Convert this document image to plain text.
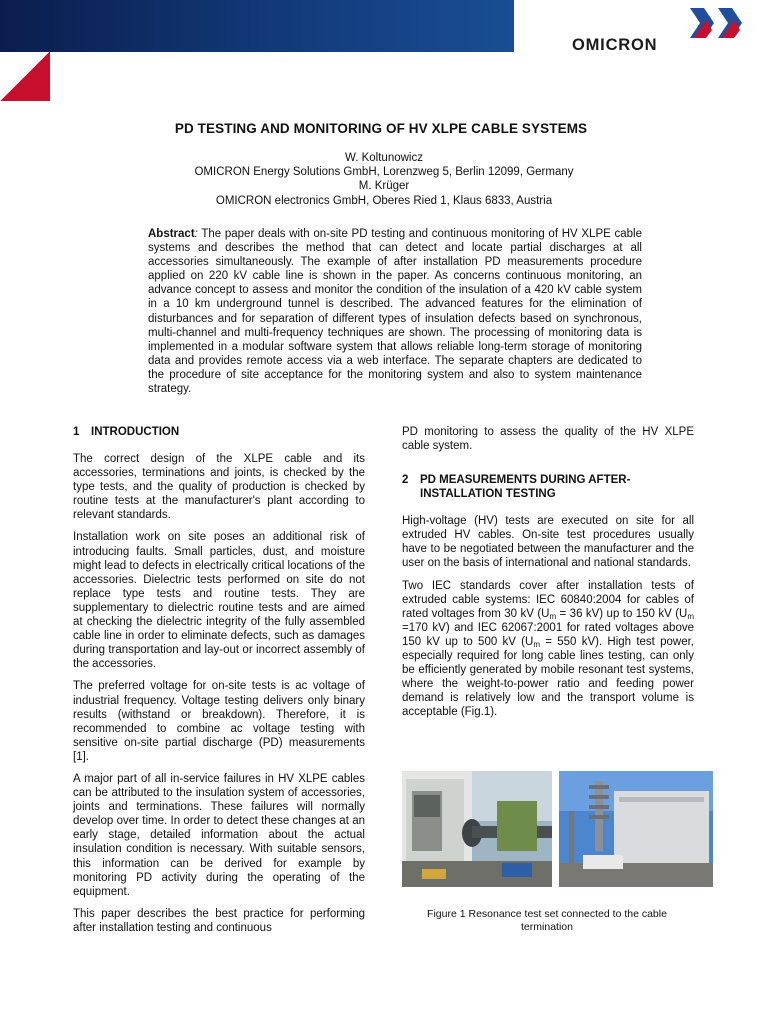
OMICRON
PD TESTING AND MONITORING OF HV XLPE CABLE SYSTEMS
W. Koltunowicz
OMICRON Energy Solutions GmbH, Lorenzweg 5, Berlin 12099, Germany
M. Krüger
OMICRON electronics GmbH, Oberes Ried 1, Klaus 6833, Austria
Abstract: The paper deals with on-site PD testing and continuous monitoring of HV XLPE cable systems and describes the method that can detect and locate partial discharges at all accessories simultaneously. The example of after installation PD measurements procedure applied on 220 kV cable line is shown in the paper. As concerns continuous monitoring, an advance concept to assess and monitor the condition of the insulation of a 420 kV cable system in a 10 km underground tunnel is described. The advanced features for the elimination of disturbances and for separation of different types of insulation defects based on synchronous, multi-channel and multi-frequency techniques are shown. The processing of monitoring data is implemented in a modular software system that allows reliable long-term storage of monitoring data and provides remote access via a web interface. The separate chapters are dedicated to the procedure of site acceptance for the monitoring system and also to system maintenance strategy.
1	INTRODUCTION

The correct design of the XLPE cable and its accessories, terminations and joints, is checked by the type tests, and the quality of production is checked by routine tests at the manufacturer's plant according to relevant standards.

Installation work on site poses an additional risk of introducing faults. Small particles, dust, and moisture might lead to defects in electrically critical locations of the accessories. Dielectric tests performed on site do not replace type tests and routine tests. They are supplementary to dielectric routine tests and are aimed at checking the dielectric integrity of the fully assembled cable line in order to eliminate defects, such as damages during transportation and lay-out or incorrect assembly of the accessories.

The preferred voltage for on-site tests is ac voltage of industrial frequency. Voltage testing delivers only binary results (withstand or breakdown). Therefore, it is recommended to combine ac voltage testing with sensitive on-site partial discharge (PD) measurements [1].

A major part of all in-service failures in HV XLPE cables can be attributed to the insulation system of accessories, joints and terminations. These failures will normally develop over time. In order to detect these changes at an early stage, detailed information about the actual insulation condition is necessary. With suitable sensors, this information can be derived for example by monitoring PD activity during the operating of the equipment.

This paper describes the best practice for performing after installation testing and continuous

PD monitoring to assess the quality of the HV XLPE cable system.

2	PD MEASUREMENTS DURING AFTER-INSTALLATION TESTING

High-voltage (HV) tests are executed on site for all extruded HV cables. On-site test procedures usually have to be negotiated between the manufacturer and the user on the basis of international and national standards.

Two IEC standards cover after installation tests of extruded cable systems: IEC 60840:2004 for cables of rated voltages from 30 kV ($U_m = 36$ kV) up to 150 kV ($U_m =170$ kV) and IEC 62067:2001 for rated voltages above 150 kV up to 500 kV ($U_m = 550$ kV). High test power, especially required for long cable lines testing, can only be efficiently generated by mobile resonant test systems, where the weight-to-power ratio and feeding power demand is relatively low and the transport volume is acceptable (Fig.1).

Figure 1 Resonance test set connected to the cable termination
